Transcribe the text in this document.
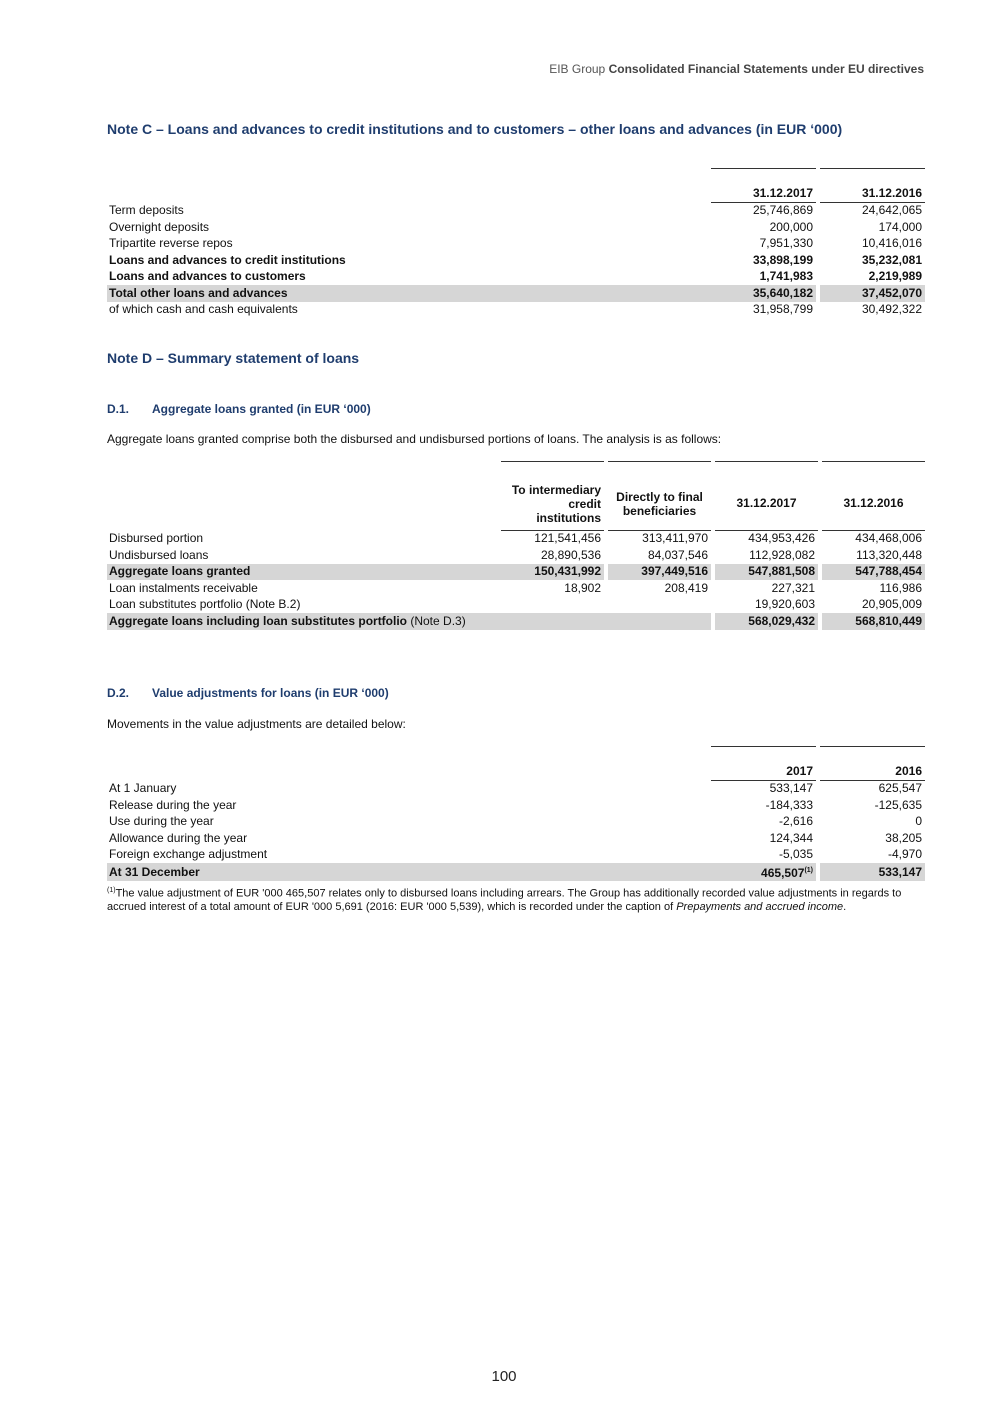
EIB Group Consolidated Financial Statements under EU directives
Note C – Loans and advances to credit institutions and to customers – other loans and advances (in EUR ‘000)

	31.12.2017		31.12.2016
Term deposits	25,746,869		24,642,065
Overnight deposits	200,000		174,000
Tripartite reverse repos	7,951,330		10,416,016
Loans and advances to credit institutions	33,898,199		35,232,081
Loans and advances to customers	1,741,983		2,219,989
Total other loans and advances	35,640,182		37,452,070
of which cash and cash equivalents	31,958,799		30,492,322
Note D – Summary statement of loans
D.1. Aggregate loans granted (in EUR ‘000)
Aggregate loans granted comprise both the disbursed and undisbursed portions of loans. The analysis is as follows:

	To intermediary credit institutions		Directly to final beneficiaries		31.12.2017		31.12.2016
Disbursed portion	121,541,456		313,411,970		434,953,426		434,468,006
Undisbursed loans	28,890,536		84,037,546		112,928,082		113,320,448
Aggregate loans granted	150,431,992		397,449,516		547,881,508		547,788,454
Loan instalments receivable	18,902		208,419		227,321		116,986
Loan substitutes portfolio (Note B.2)					19,920,603		20,905,009
Aggregate loans including loan substitutes portfolio (Note D.3)					568,029,432		568,810,449
D.2. Value adjustments for loans (in EUR ‘000)
Movements in the value adjustments are detailed below:

	2017		2016
At 1 January	533,147		625,547
Release during the year	-184,333		-125,635
Use during the year	-2,616		0
Allowance during the year	124,344		38,205
Foreign exchange adjustment	-5,035		-4,970
At 31 December	465,507$^{(1)}$		533,147
$^{(1)}$The value adjustment of EUR '000 465,507 relates only to disbursed loans including arrears. The Group has additionally recorded value adjustments in regards to accrued interest of a total amount of EUR '000 5,691 (2016: EUR '000 5,539), which is recorded under the caption of Prepayments and accrued income.
100
